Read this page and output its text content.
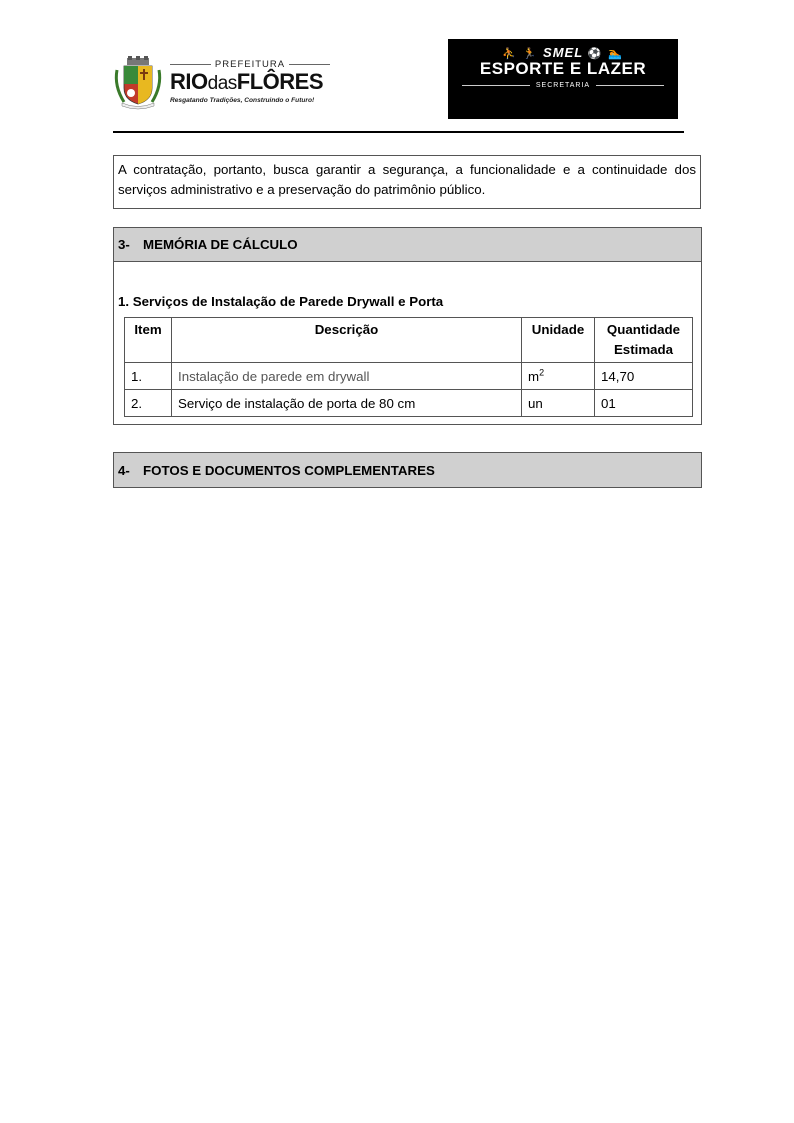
PREFEITURA
RIOdasFLÔRES
Resgatando Tradições, Construindo o Futuro!
⛹ 🏃 SMEL ⚽ 🏊
ESPORTE E LAZER
SECRETARIA
A contratação, portanto, busca garantir a segurança, a funcionalidade e a continuidade dos serviços administrativo e a preservação do patrimônio público.
3- MEMÓRIA DE CÁLCULO
1. Serviços de Instalação de Parede Drywall e Porta
Item	Descrição	Unidade	Quantidade
Estimada
1.	Instalação de parede em drywall	$m^2$	14,70
2.	Serviço de instalação de porta de 80 cm	un	01
4- FOTOS E DOCUMENTOS COMPLEMENTARES
